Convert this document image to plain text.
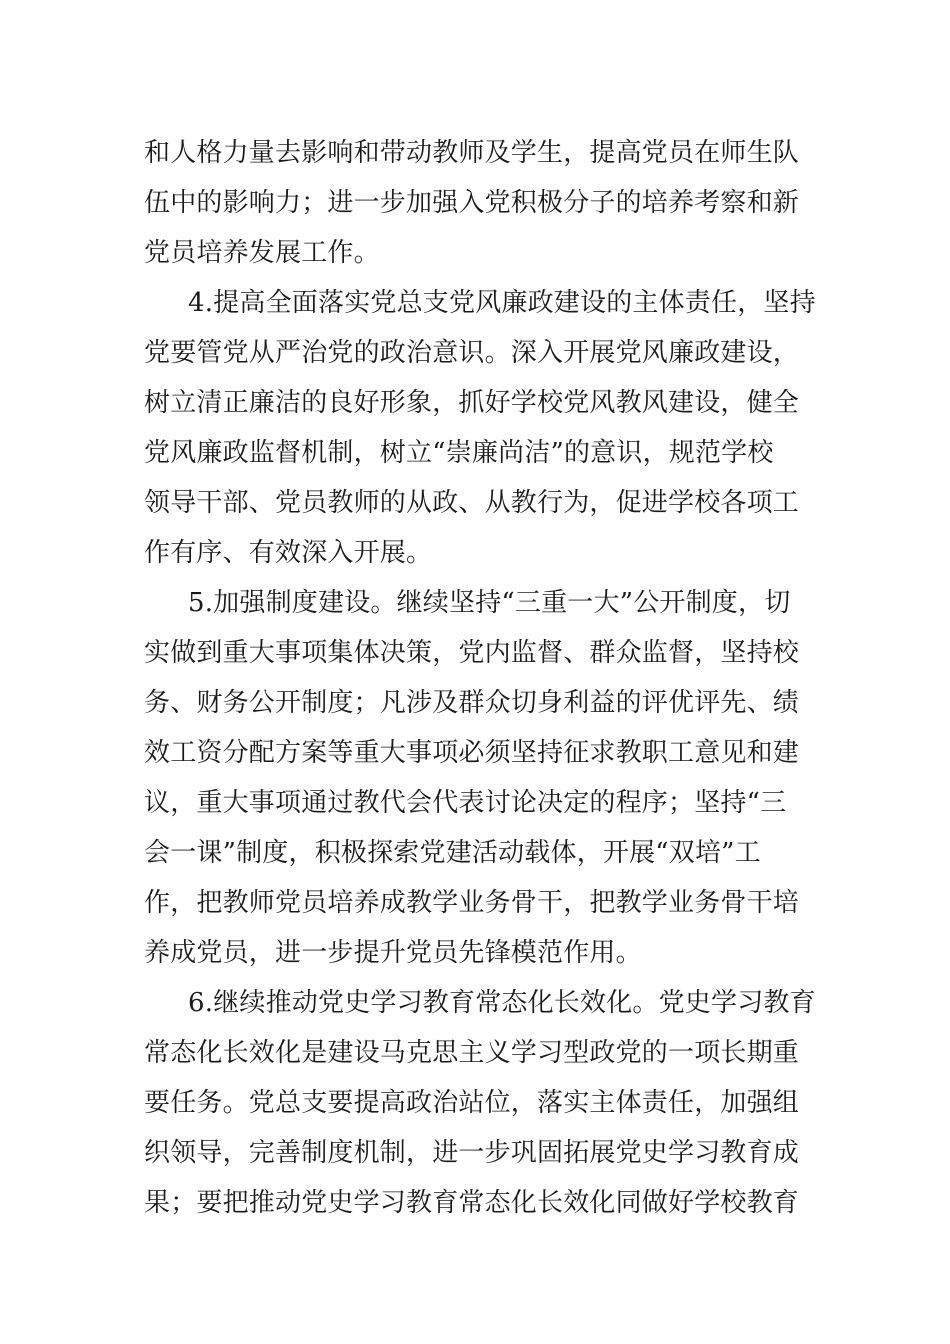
和人格力量去影响和带动教师及学生，提高党员在师生队

伍中的影响力；进一步加强入党积极分子的培养考察和新

党员培养发展工作。

4.提高全面落实党总支党风廉政建设的主体责任，坚持

党要管党从严治党的政治意识。深入开展党风廉政建设，

树立清正廉洁的良好形象，抓好学校党风教风建设，健全

党风廉政监督机制，树立“崇廉尚洁”的意识，规范学校

领导干部、党员教师的从政、从教行为，促进学校各项工

作有序、有效深入开展。

5.加强制度建设。继续坚持“三重一大”公开制度，切

实做到重大事项集体决策，党内监督、群众监督，坚持校

务、财务公开制度；凡涉及群众切身利益的评优评先、绩

效工资分配方案等重大事项必须坚持征求教职工意见和建

议，重大事项通过教代会代表讨论决定的程序；坚持“三

会一课”制度，积极探索党建活动载体，开展“双培”工

作，把教师党员培养成教学业务骨干，把教学业务骨干培

养成党员，进一步提升党员先锋模范作用。

6.继续推动党史学习教育常态化长效化。党史学习教育

常态化长效化是建设马克思主义学习型政党的一项长期重

要任务。党总支要提高政治站位，落实主体责任，加强组

织领导，完善制度机制，进一步巩固拓展党史学习教育成

果；要把推动党史学习教育常态化长效化同做好学校教育
